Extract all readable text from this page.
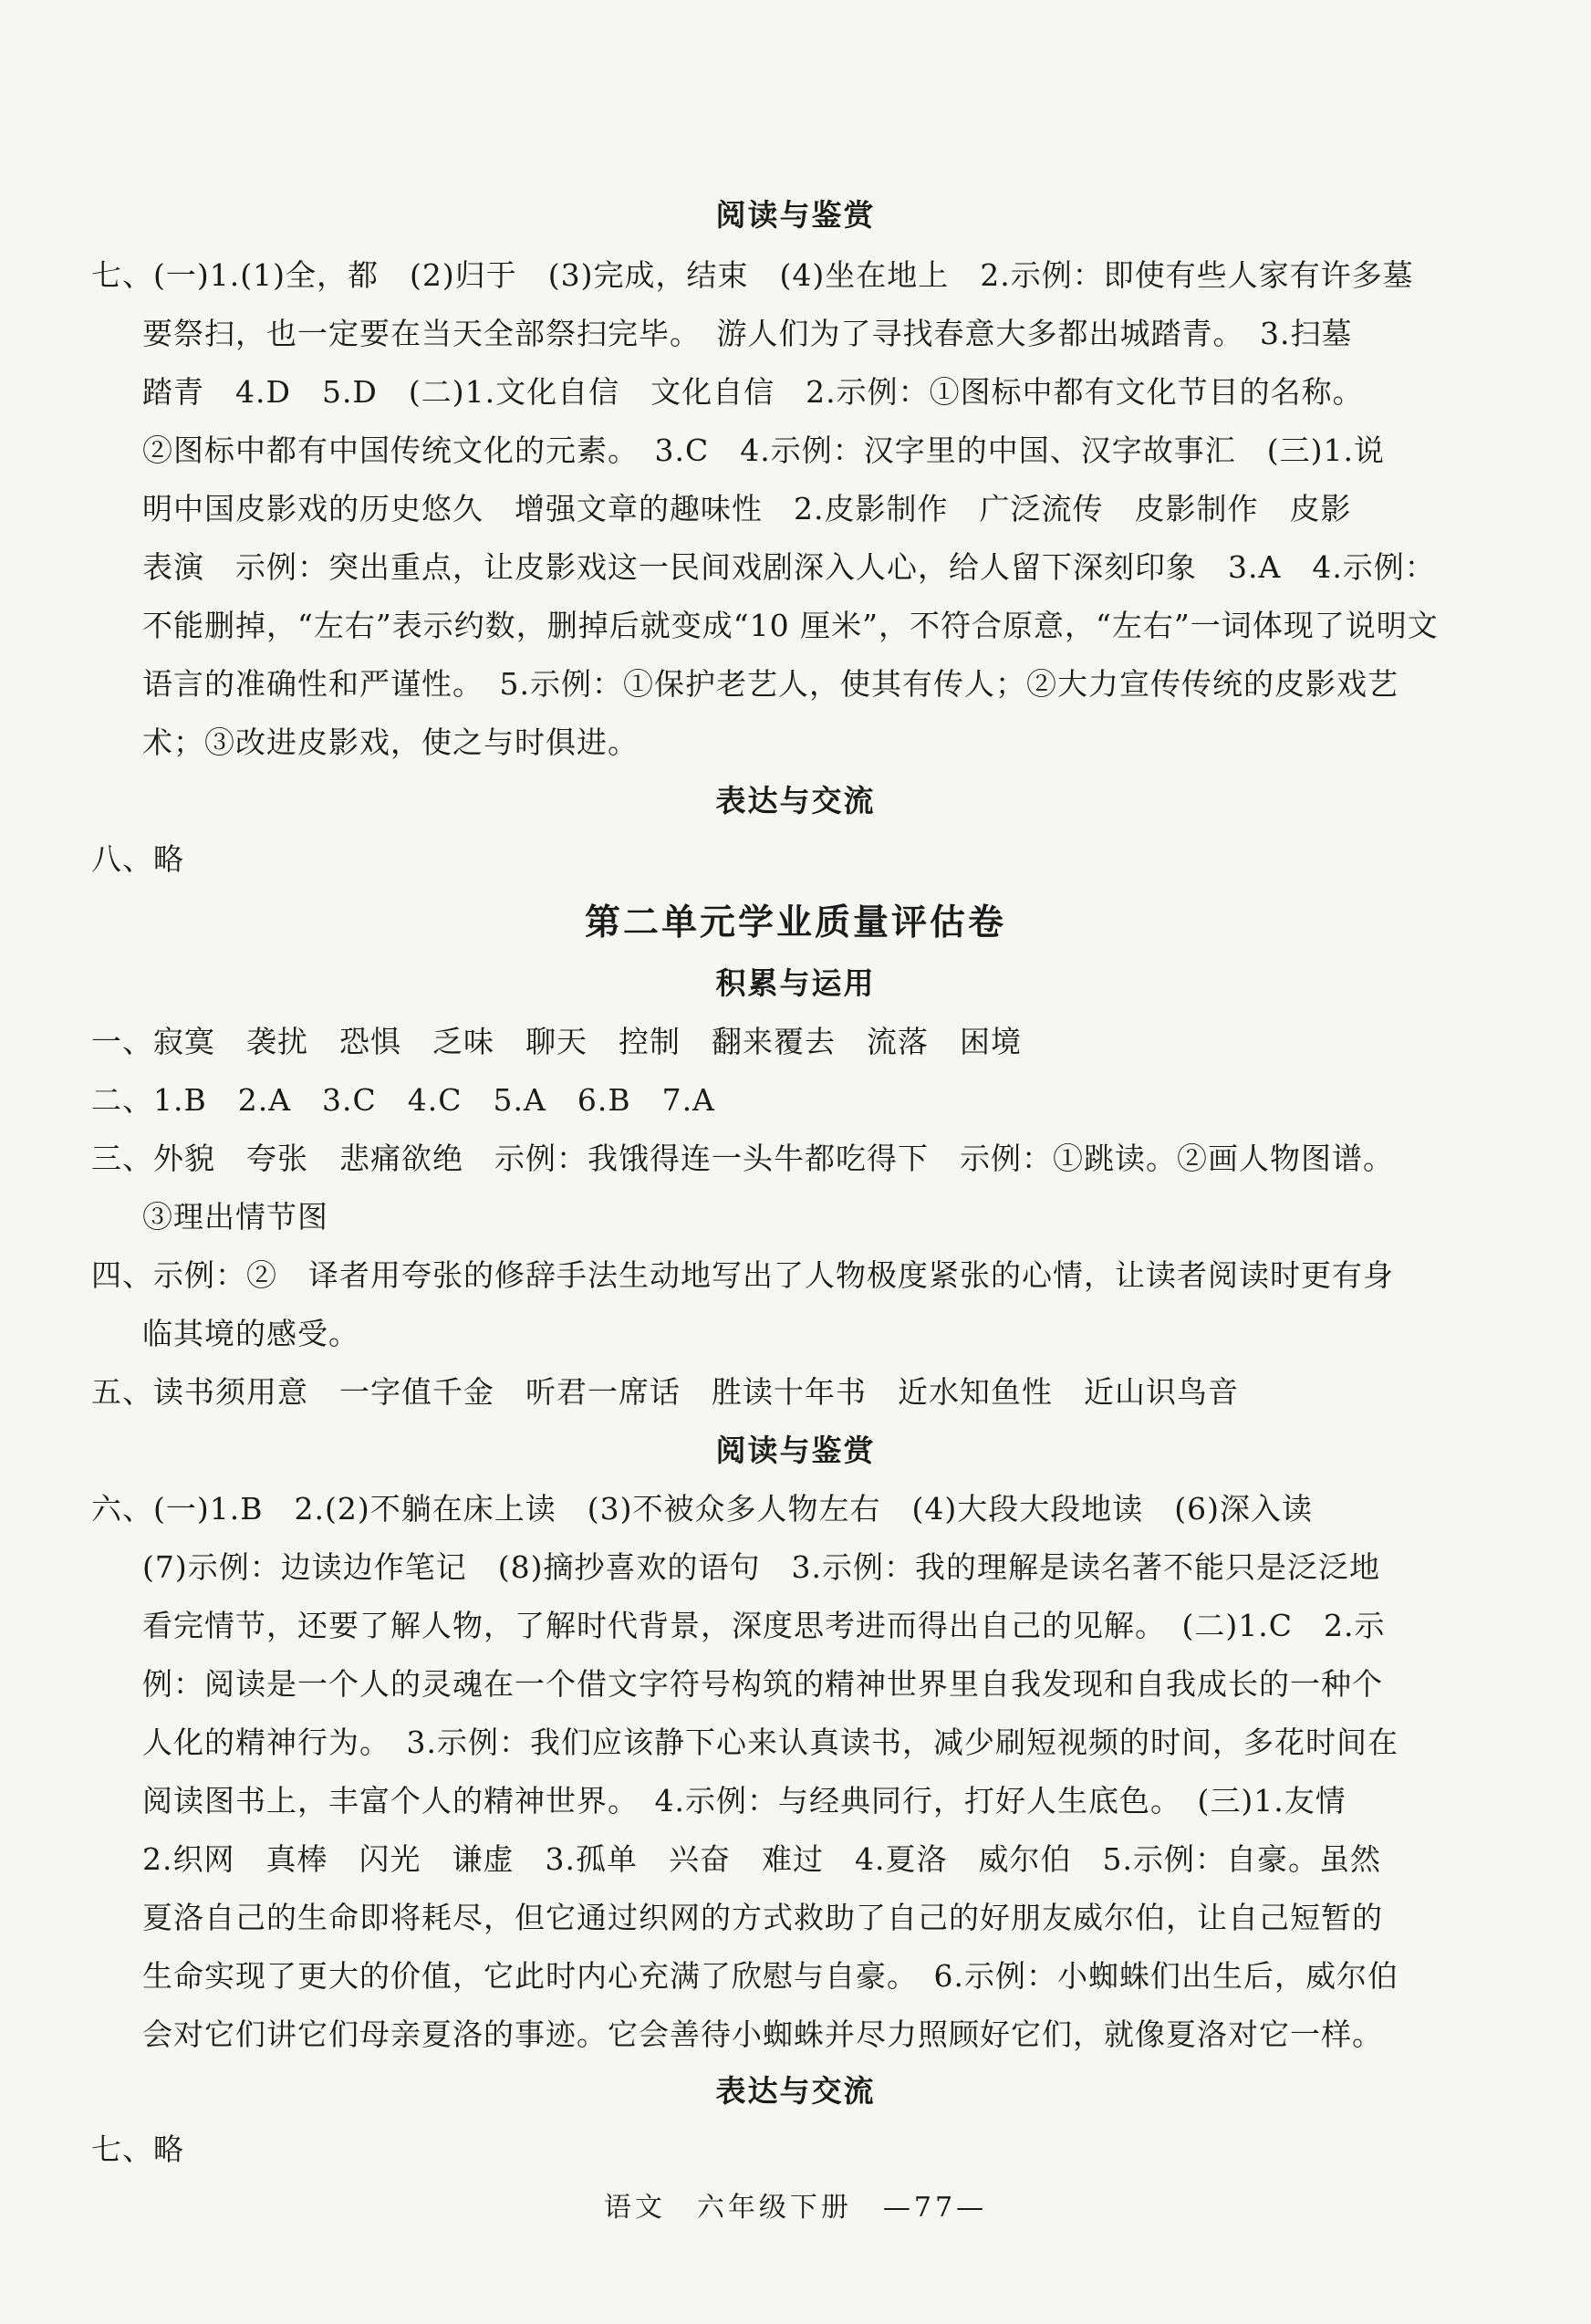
阅读与鉴赏
七、(一)1.(1)全，都　(2)归于　(3)完成，结束　(4)坐在地上　2.示例：即使有些人家有许多墓
要祭扫，也一定要在当天全部祭扫完毕。　游人们为了寻找春意大多都出城踏青。　3.扫墓
踏青　4.D　5.D　(二)1.文化自信　文化自信　2.示例：①图标中都有文化节目的名称。
②图标中都有中国传统文化的元素。　3.C　4.示例：汉字里的中国、汉字故事汇　(三)1.说
明中国皮影戏的历史悠久　增强文章的趣味性　2.皮影制作　广泛流传　皮影制作　皮影
表演　示例：突出重点，让皮影戏这一民间戏剧深入人心，给人留下深刻印象　3.A　4.示例：
不能删掉，“左右”表示约数，删掉后就变成“10 厘米”，不符合原意，“左右”一词体现了说明文
语言的准确性和严谨性。　5.示例：①保护老艺人，使其有传人；②大力宣传传统的皮影戏艺
术；③改进皮影戏，使之与时俱进。
表达与交流
八、略
第二单元学业质量评估卷
积累与运用
一、寂寞　袭扰　恐惧　乏味　聊天　控制　翻来覆去　流落　困境
二、1.B　2.A　3.C　4.C　5.A　6.B　7.A
三、外貌　夸张　悲痛欲绝　示例：我饿得连一头牛都吃得下　示例：①跳读。②画人物图谱。
③理出情节图
四、示例：②　译者用夸张的修辞手法生动地写出了人物极度紧张的心情，让读者阅读时更有身
临其境的感受。
五、读书须用意　一字值千金　听君一席话　胜读十年书　近水知鱼性　近山识鸟音
阅读与鉴赏
六、(一)1.B　2.(2)不躺在床上读　(3)不被众多人物左右　(4)大段大段地读　(6)深入读
(7)示例：边读边作笔记　(8)摘抄喜欢的语句　3.示例：我的理解是读名著不能只是泛泛地
看完情节，还要了解人物，了解时代背景，深度思考进而得出自己的见解。　(二)1.C　2.示
例：阅读是一个人的灵魂在一个借文字符号构筑的精神世界里自我发现和自我成长的一种个
人化的精神行为。　3.示例：我们应该静下心来认真读书，减少刷短视频的时间，多花时间在
阅读图书上，丰富个人的精神世界。　4.示例：与经典同行，打好人生底色。　(三)1.友情
2.织网　真棒　闪光　谦虚　3.孤单　兴奋　难过　4.夏洛　威尔伯　5.示例：自豪。虽然
夏洛自己的生命即将耗尽，但它通过织网的方式救助了自己的好朋友威尔伯，让自己短暂的
生命实现了更大的价值，它此时内心充满了欣慰与自豪。　6.示例：小蜘蛛们出生后，威尔伯
会对它们讲它们母亲夏洛的事迹。它会善待小蜘蛛并尽力照顾好它们，就像夏洛对它一样。
表达与交流
七、略
语文　六年级下册　—77—
